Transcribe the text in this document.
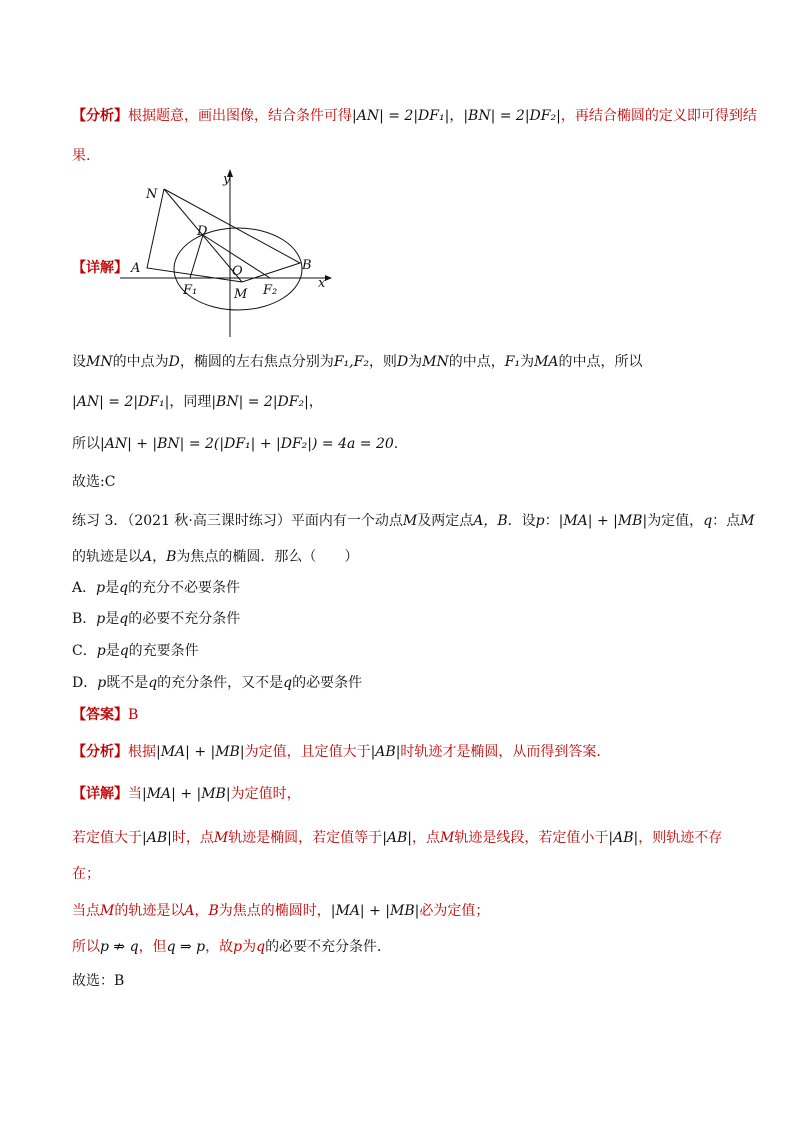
【分析】根据题意，画出图像，结合条件可得|AN| = 2|DF₁|，|BN| = 2|DF₂|，再结合椭圆的定义即可得到结
果.
【详解】
N
y
D
A	O	B
F₁	M F₂	x
设MN的中点为D，椭圆的左右焦点分别为F₁,F₂，则D为MN的中点，F₁为MA的中点，所以
|AN| = 2|DF₁|，同理|BN| = 2|DF₂|，
所以|AN| + |BN| = 2(|DF₁| + |DF₂|) = 4a = 20.
故选:C
练习 3．（2021 秋·高三课时练习）平面内有一个动点M及两定点A，B．设p：|MA| + |MB|为定值，q：点M
的轨迹是以A，B为焦点的椭圆．那么（　　）
A．p是q的充分不必要条件
B．p是q的必要不充分条件
C．p是q的充要条件
D．p既不是q的充分条件，又不是q的必要条件
【答案】B
【分析】根据|MA| + |MB|为定值，且定值大于|AB|时轨迹才是椭圆，从而得到答案.
【详解】当|MA| + |MB|为定值时，
若定值大于|AB|时，点M轨迹是椭圆，若定值等于|AB|，点M轨迹是线段，若定值小于|AB|，则轨迹不存
在；
当点M的轨迹是以A，B为焦点的椭圆时，|MA| + |MB|必为定值；
所以p ⇏ q，但q ⇒ p，故p为q的必要不充分条件．
故选：B
